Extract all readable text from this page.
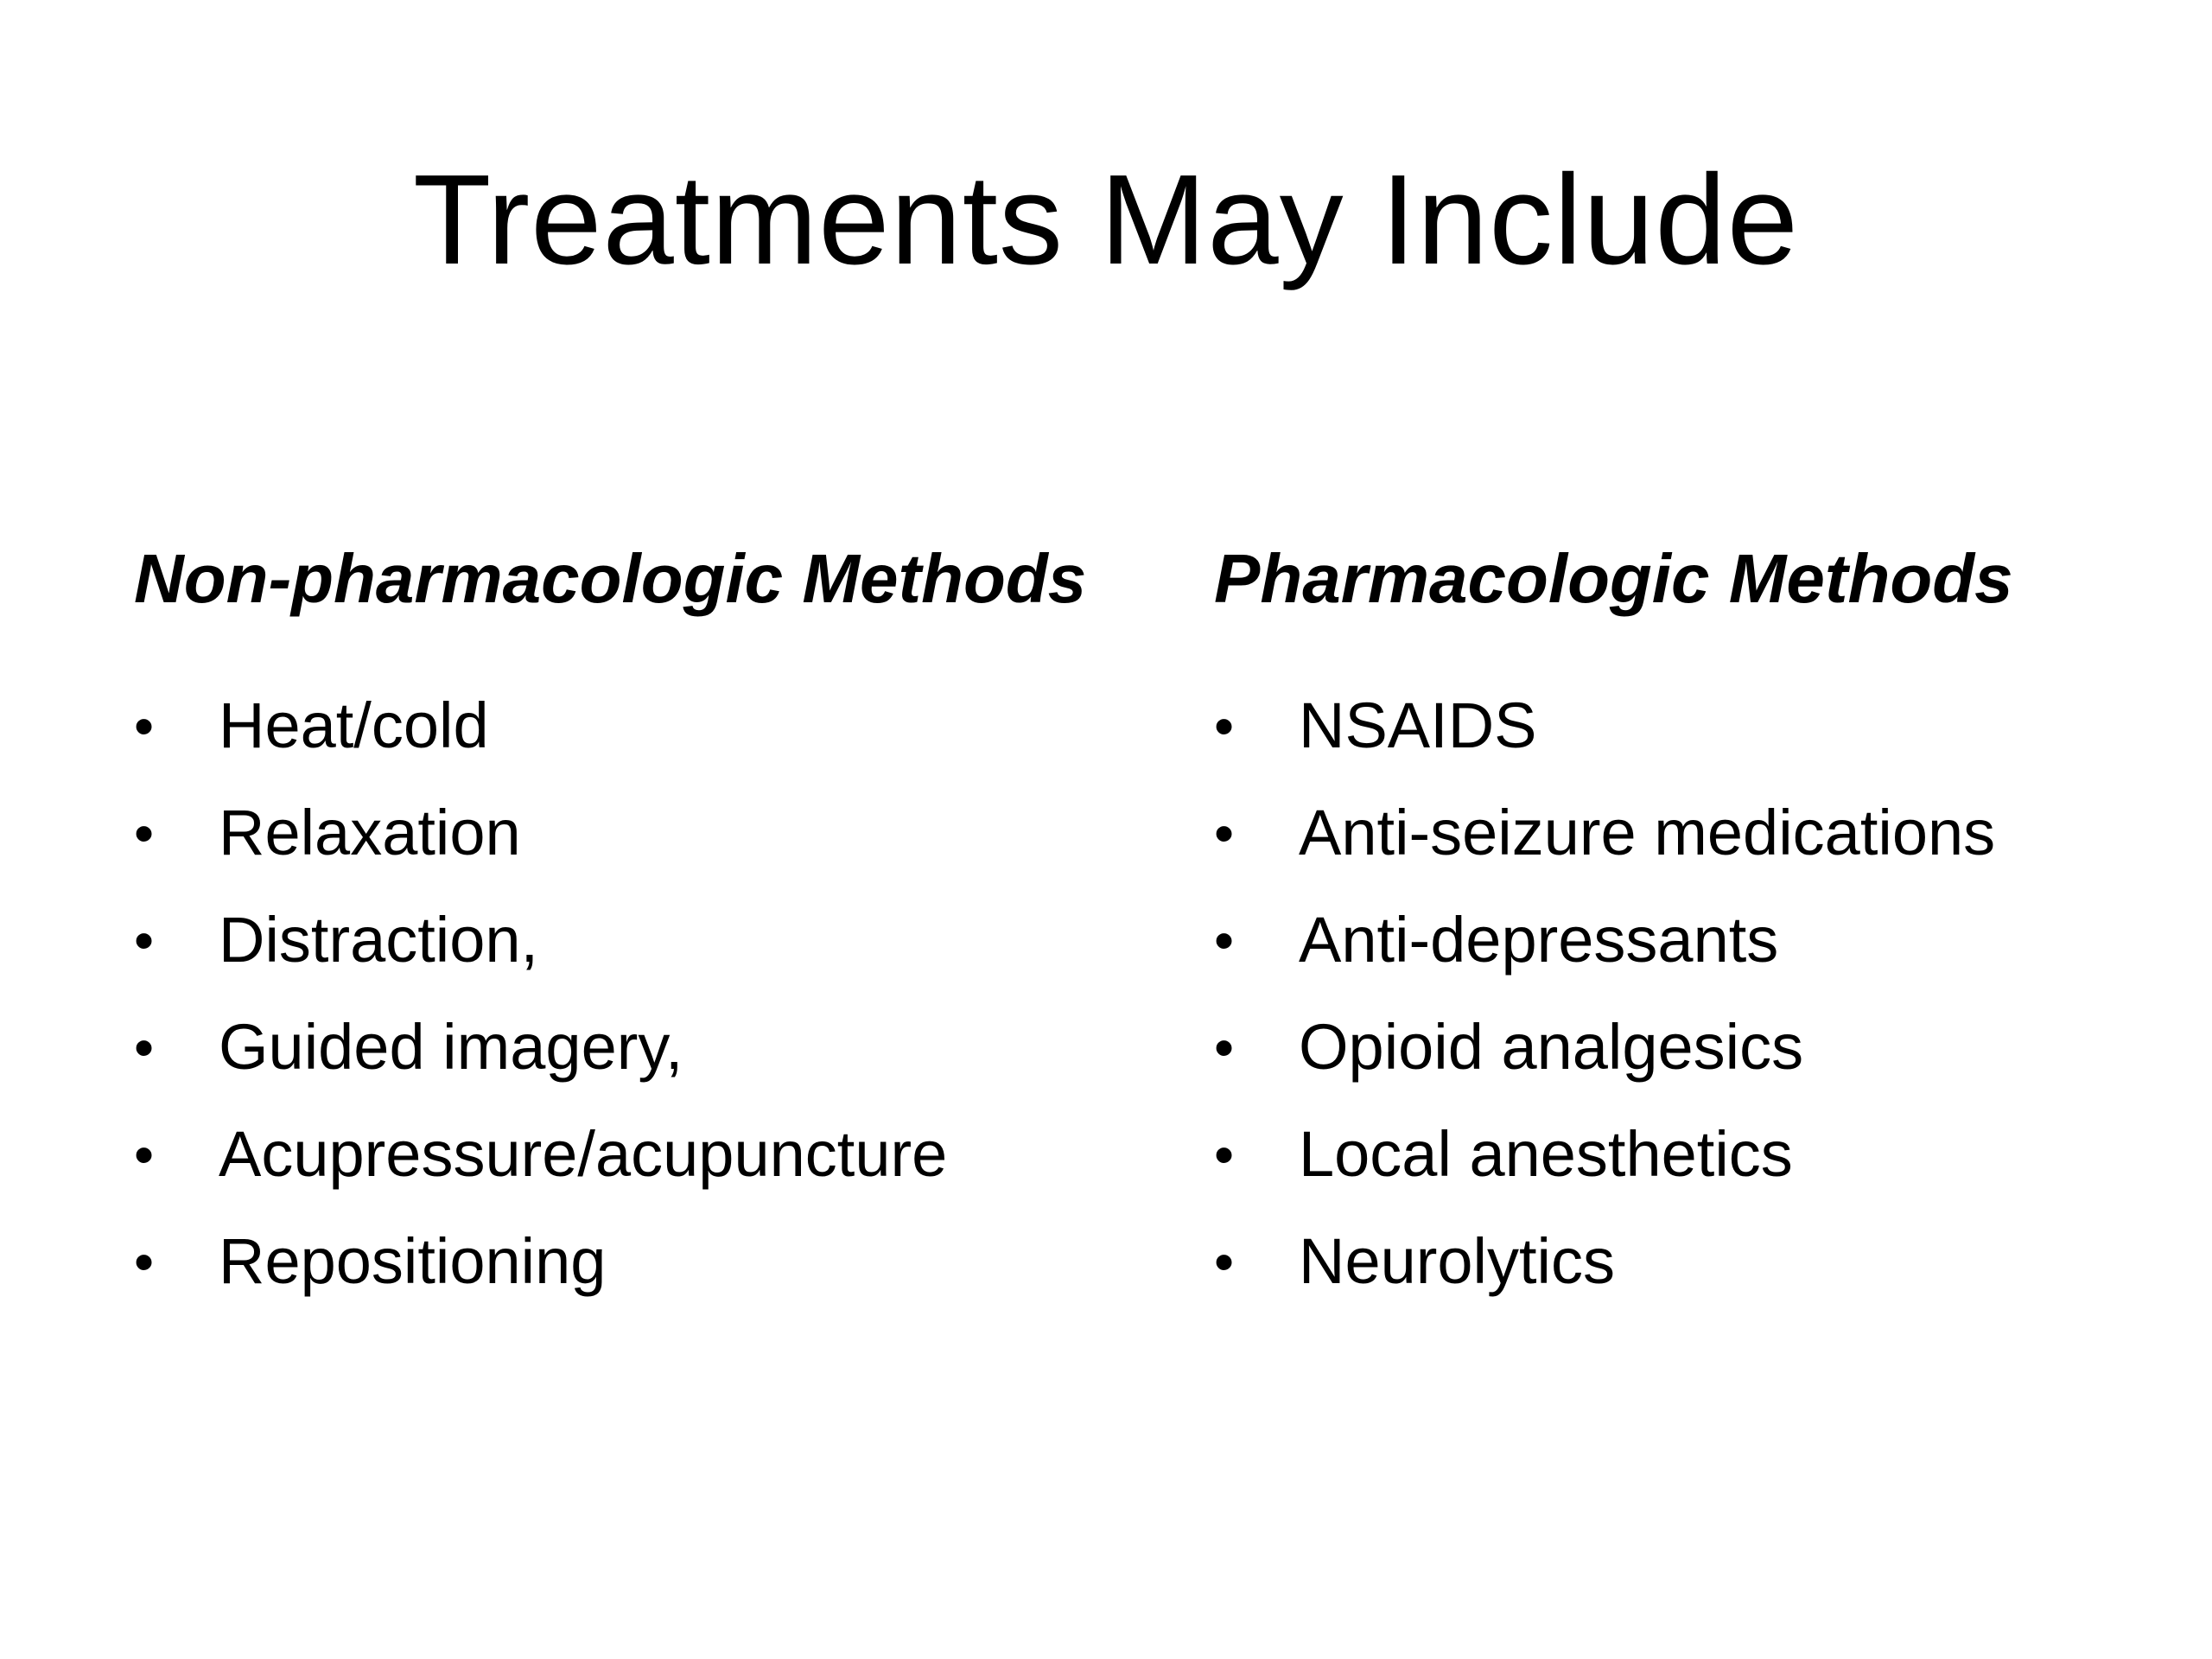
Treatments May Include
Non-pharmacologic Methods
• Heat/cold
• Relaxation
• Distraction,
• Guided imagery,
• Acupressure/acupuncture
• Repositioning
Pharmacologic Methods
• NSAIDS
• Anti-seizure medications
• Anti-depressants
• Opioid analgesics
• Local anesthetics
• Neurolytics
